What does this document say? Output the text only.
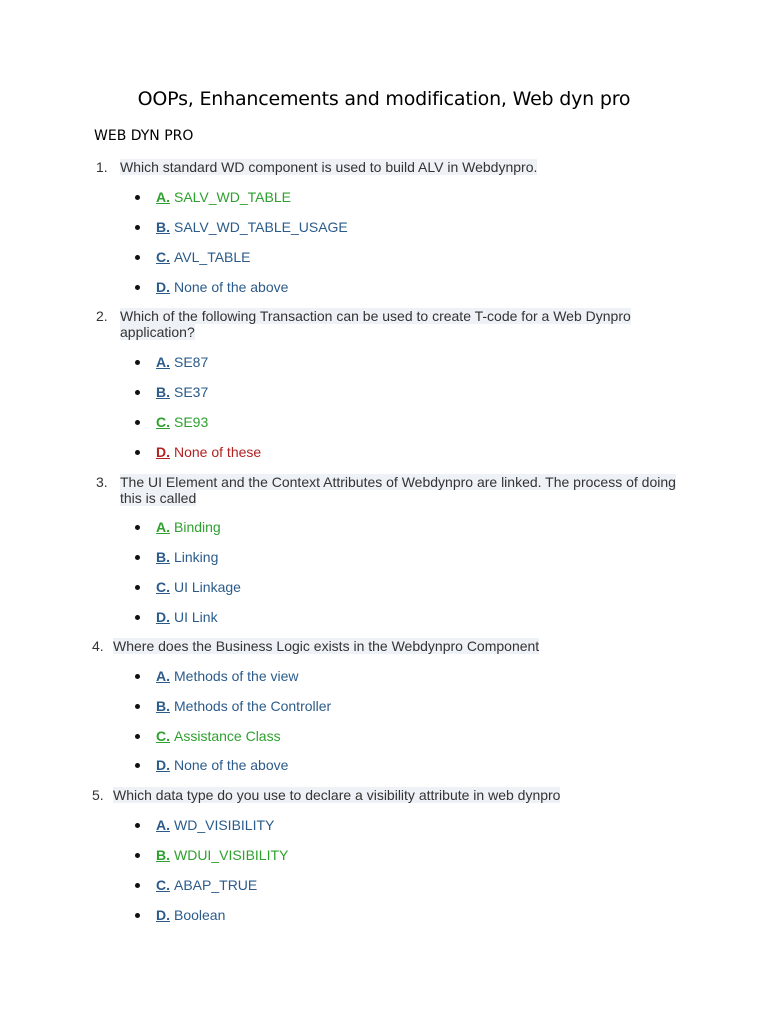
OOPs, Enhancements and modification, Web dyn pro
WEB DYN PRO
1. Which standard WD component is used to build ALV in Webdynpro.
A. SALV_WD_TABLE
B. SALV_WD_TABLE_USAGE
C. AVL_TABLE
D. None of the above
2. Which of the following Transaction can be used to create T-code for a Web Dynpro application?
A. SE87
B. SE37
C. SE93
D. None of these
3. The UI Element and the Context Attributes of Webdynpro are linked. The process of doing this is called
A. Binding
B. Linking
C. UI Linkage
D. UI Link
4. Where does the Business Logic exists in the Webdynpro Component
A. Methods of the view
B. Methods of the Controller
C. Assistance Class
D. None of the above
5. Which data type do you use to declare a visibility attribute in web dynpro
A. WD_VISIBILITY
B. WDUI_VISIBILITY
C. ABAP_TRUE
D. Boolean
